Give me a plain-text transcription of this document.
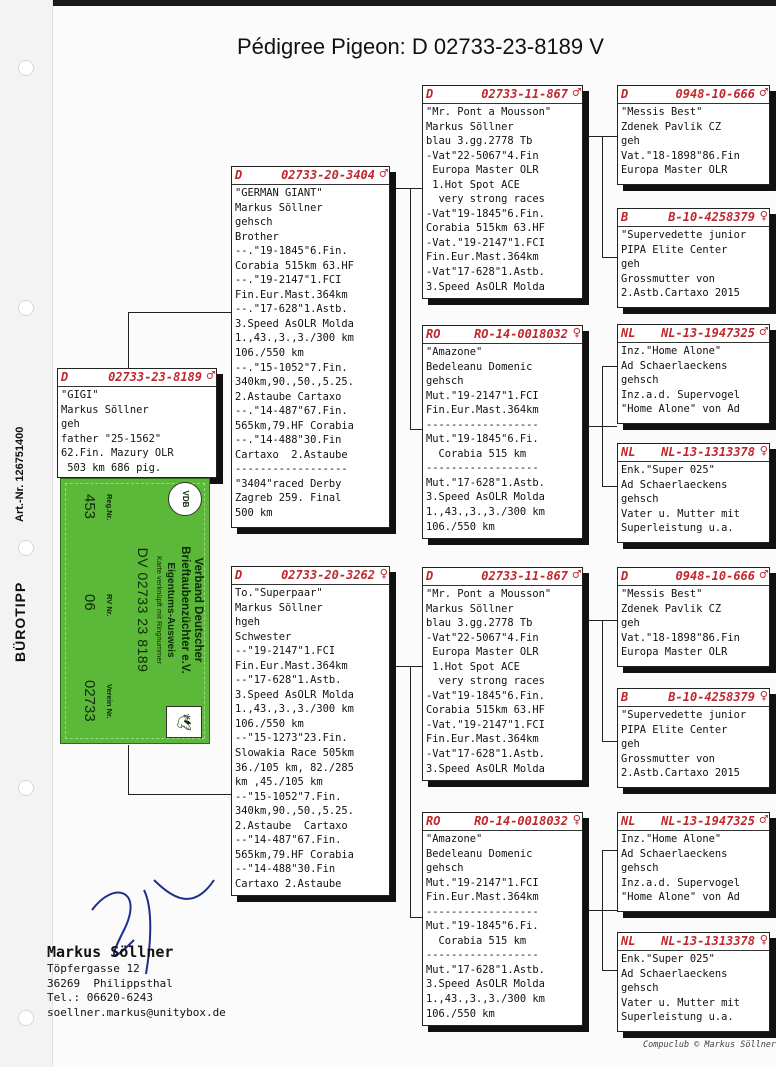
BÜROTIPP
Art.-Nr. 126751400
Pédigree Pigeon: D 02733-23-8189 V
D	02733-23-8189 ♂
"GIGI"
Markus Söllner
geh
father "25-1562"
62.Fin. Mazury OLR
503 km 686 pig.
D	02733-20-3404 ♂
"GERMAN GIANT"
Markus Söllner
gehsch
Brother
--."19-1845"6.Fin.
Corabia 515km 63.HF
--."19-2147"1.FCI
Fin.Eur.Mast.364km
--."17-628"1.Astb.
3.Speed AsOLR Molda
1.,43.,3.,3./300 km
106./550 km
--."15-1052"7.Fin.
340km,90.,50.,5.25.
2.Astaube Cartaxo
--."14-487"67.Fin.
565km,79.HF Corabia
--."14-488"30.Fin
Cartaxo  2.Astaube
------------------
"3404"raced Derby
Zagreb 259. Final
500 km
D	02733-20-3262 ♀
To."Superpaar"
Markus Söllner
hgeh
Schwester
--"19-2147"1.FCI
Fin.Eur.Mast.364km
--"17-628"1.Astb.
3.Speed AsOLR Molda
1.,43.,3.,3./300 km
106./550 km
--"15-1273"23.Fin.
Slowakia Race 505km
36./105 km, 82./285
km ,45./105 km
--"15-1052"7.Fin.
340km,90.,50.,5.25.
2.Astaube  Cartaxo
--"14-487"67.Fin.
565km,79.HF Corabia
--"14-488"30.Fin
Cartaxo 2.Astaube
D	02733-11-867 ♂
"Mr. Pont a Mousson"
Markus Söllner
blau 3.gg.2778 Tb
-Vat"22-5067"4.Fin
Europa Master OLR
1.Hot Spot ACE
very strong races
-Vat"19-1845"6.Fin.
Corabia 515km 63.HF
-Vat."19-2147"1.FCI
Fin.Eur.Mast.364km
-Vat"17-628"1.Astb.
3.Speed AsOLR Molda
RO	RO-14-0018032 ♀
"Amazone"
Bedeleanu Domenic
gehsch
Mut."19-2147"1.FCI
Fin.Eur.Mast.364km
------------------
Mut."19-1845"6.Fi.
Corabia 515 km
------------------
Mut."17-628"1.Astb.
3.Speed AsOLR Molda
1.,43.,3.,3./300 km
106./550 km
D	02733-11-867 ♂
"Mr. Pont a Mousson"
Markus Söllner
blau 3.gg.2778 Tb
-Vat"22-5067"4.Fin
Europa Master OLR
1.Hot Spot ACE
very strong races
-Vat"19-1845"6.Fin.
Corabia 515km 63.HF
-Vat."19-2147"1.FCI
Fin.Eur.Mast.364km
-Vat"17-628"1.Astb.
3.Speed AsOLR Molda
RO	RO-14-0018032 ♀
"Amazone"
Bedeleanu Domenic
gehsch
Mut."19-2147"1.FCI
Fin.Eur.Mast.364km
------------------
Mut."19-1845"6.Fi.
Corabia 515 km
------------------
Mut."17-628"1.Astb.
3.Speed AsOLR Molda
1.,43.,3.,3./300 km
106./550 km
D	0948-10-666 ♂
"Messis Best"
Zdenek Pavlik CZ
geh
Vat."18-1898"86.Fin
Europa Master OLR
B	B-10-4258379 ♀
"Supervedette junior
PIPA Elite Center
geh
Grossmutter von
2.Astb.Cartaxo 2015
NL NL-13-1947325 ♂
Inz."Home Alone"
Ad Schaerlaeckens
gehsch
Inz.a.d. Supervogel
"Home Alone" von Ad
NL NL-13-1313378 ♀
Enk."Super 025"
Ad Schaerlaeckens
gehsch
Vater u. Mutter mit
Superleistung u.a.
D	0948-10-666 ♂
"Messis Best"
Zdenek Pavlik CZ
geh
Vat."18-1898"86.Fin
Europa Master OLR
B	B-10-4258379 ♀
"Supervedette junior
PIPA Elite Center
geh
Grossmutter von
2.Astb.Cartaxo 2015
NL NL-13-1947325 ♂
Inz."Home Alone"
Ad Schaerlaeckens
gehsch
Inz.a.d. Supervogel
"Home Alone" von Ad
NL NL-13-1313378 ♀
Enk."Super 025"
Ad Schaerlaeckens
gehsch
Vater u. Mutter mit
Superleistung u.a.
VDB
Verband Deutscher
Brieftaubenzüchter e.V.
Eigentums-Ausweis
Karte verknüpft mit Ringnummer
DV 02733 23 8189
🕊
Reg.Nr.
RV Nr.
Verein Nr.
453
06
02733
Markus Söllner
Töpfergasse 12
36269  Philippsthal
Tel.: 06620-6243
soellner.markus@unitybox.de
Compuclub © Markus Söllner
